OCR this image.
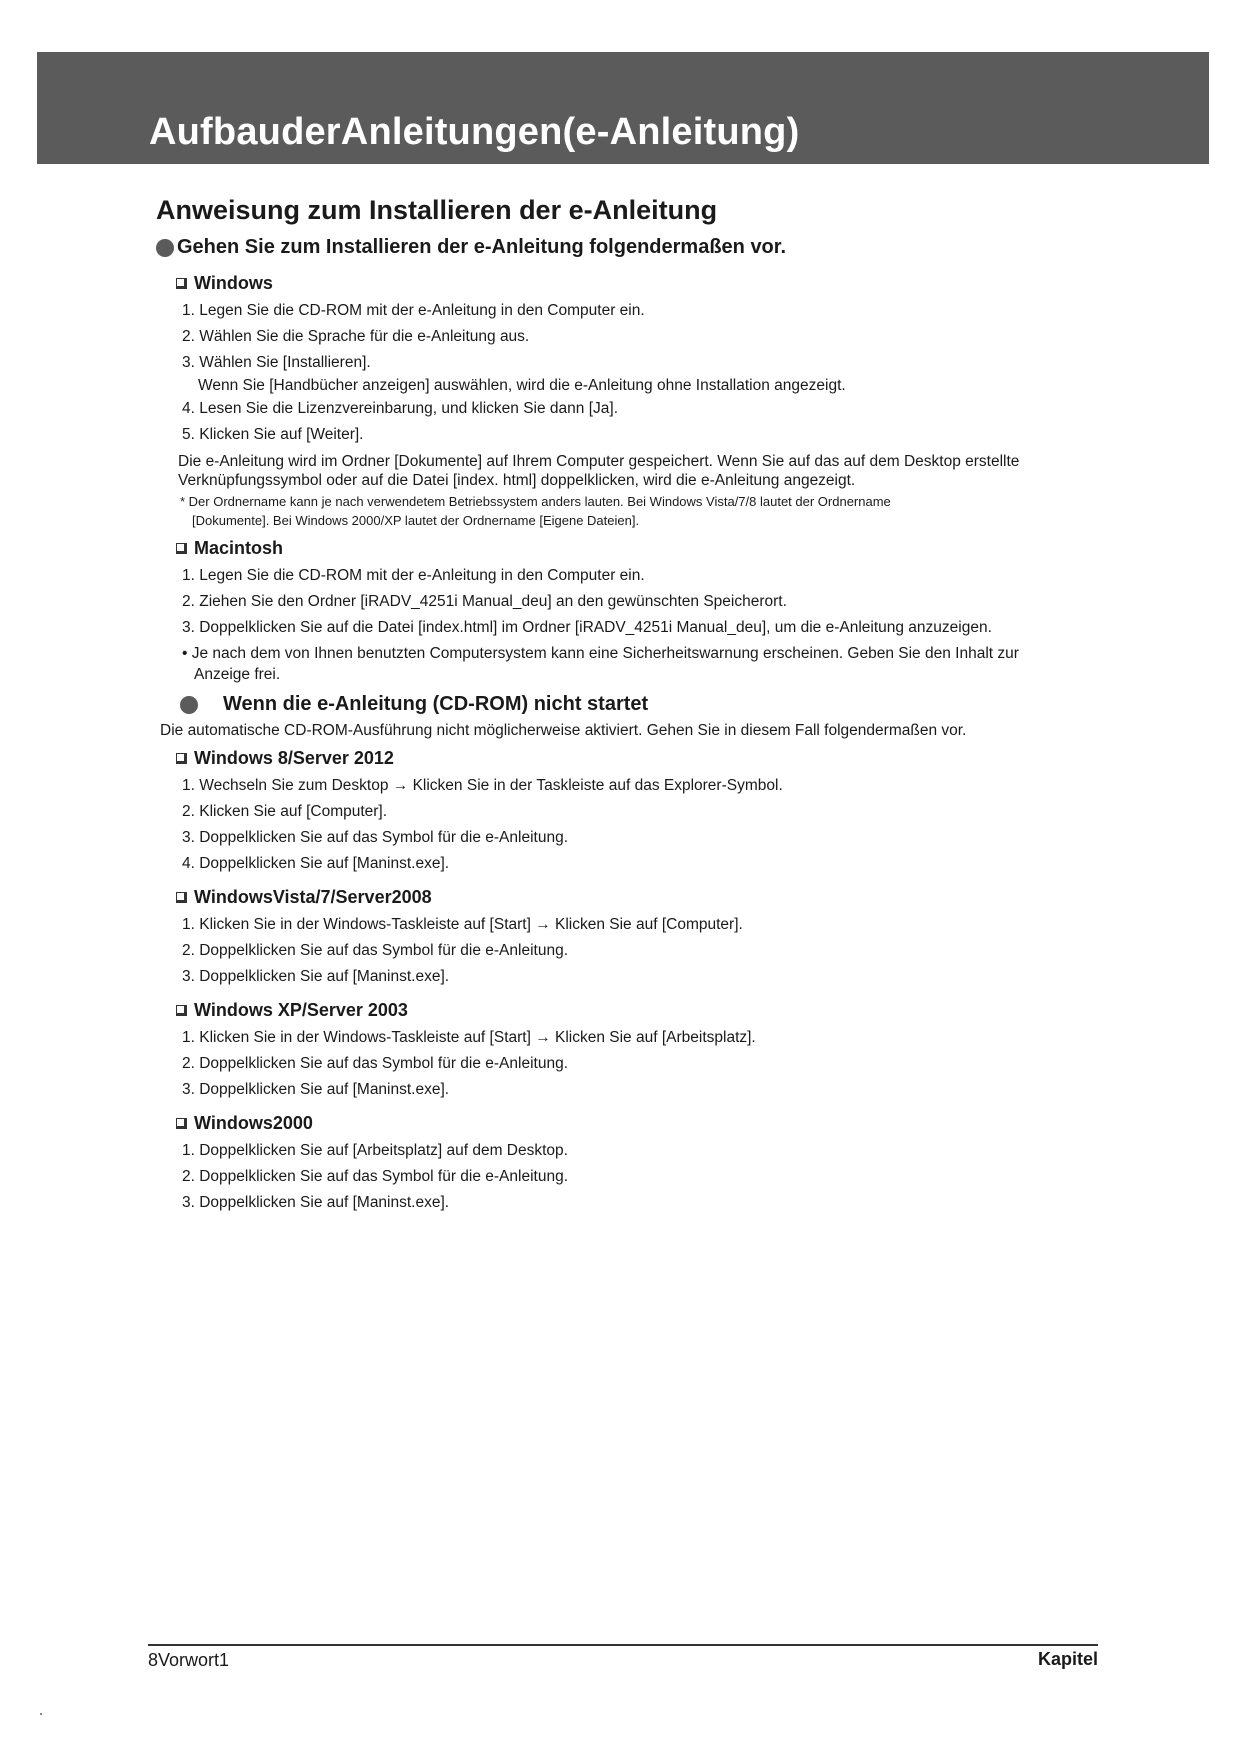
AufbauderAnleitungen(e-Anleitung)
Anweisung zum Installieren der e-Anleitung
Gehen Sie zum Installieren der e-Anleitung folgendermaßen vor.
Windows
1. Legen Sie die CD-ROM mit der e-Anleitung in den Computer ein.
2. Wählen Sie die Sprache für die e-Anleitung aus.
3. Wählen Sie [Installieren].
Wenn Sie [Handbücher anzeigen] auswählen, wird die e-Anleitung ohne Installation angezeigt.
4. Lesen Sie die Lizenzvereinbarung, und klicken Sie dann [Ja].
5. Klicken Sie auf [Weiter].

Die e-Anleitung wird im Ordner [Dokumente] auf Ihrem Computer gespeichert. Wenn Sie auf das auf dem Desktop erstellte Verknüpfungssymbol oder auf die Datei [index. html] doppelklicken, wird die e-Anleitung angezeigt.

* Der Ordnername kann je nach verwendetem Betriebssystem anders lauten. Bei Windows Vista/7/8 lautet der Ordnername
[Dokumente]. Bei Windows 2000/XP lautet der Ordnername [Eigene Dateien].
Macintosh
1. Legen Sie die CD-ROM mit der e-Anleitung in den Computer ein.
2. Ziehen Sie den Ordner [iRADV_4251i Manual_deu] an den gewünschten Speicherort.
3. Doppelklicken Sie auf die Datei [index.html] im Ordner [iRADV_4251i Manual_deu], um die e-Anleitung anzuzeigen.
• Je nach dem von Ihnen benutzten Computersystem kann eine Sicherheitswarnung erscheinen. Geben Sie den Inhalt zur
Anzeige frei.
Wenn die e-Anleitung (CD-ROM) nicht startet

Die automatische CD-ROM-Ausführung nicht möglicherweise aktiviert. Gehen Sie in diesem Fall folgendermaßen vor.

Windows 8/Server 2012
1. Wechseln Sie zum Desktop → Klicken Sie in der Taskleiste auf das Explorer-Symbol.
2. Klicken Sie auf [Computer].
3. Doppelklicken Sie auf das Symbol für die e-Anleitung.
4. Doppelklicken Sie auf [Maninst.exe].
WindowsVista/7/Server2008
1. Klicken Sie in der Windows-Taskleiste auf [Start] → Klicken Sie auf [Computer].
2. Doppelklicken Sie auf das Symbol für die e-Anleitung.
3. Doppelklicken Sie auf [Maninst.exe].
Windows XP/Server 2003
1. Klicken Sie in der Windows-Taskleiste auf [Start] → Klicken Sie auf [Arbeitsplatz].
2. Doppelklicken Sie auf das Symbol für die e-Anleitung.
3. Doppelklicken Sie auf [Maninst.exe].
Windows2000
1. Doppelklicken Sie auf [Arbeitsplatz] auf dem Desktop.
2. Doppelklicken Sie auf das Symbol für die e-Anleitung.
3. Doppelklicken Sie auf [Maninst.exe].
8Vorwort1	Kapitel
